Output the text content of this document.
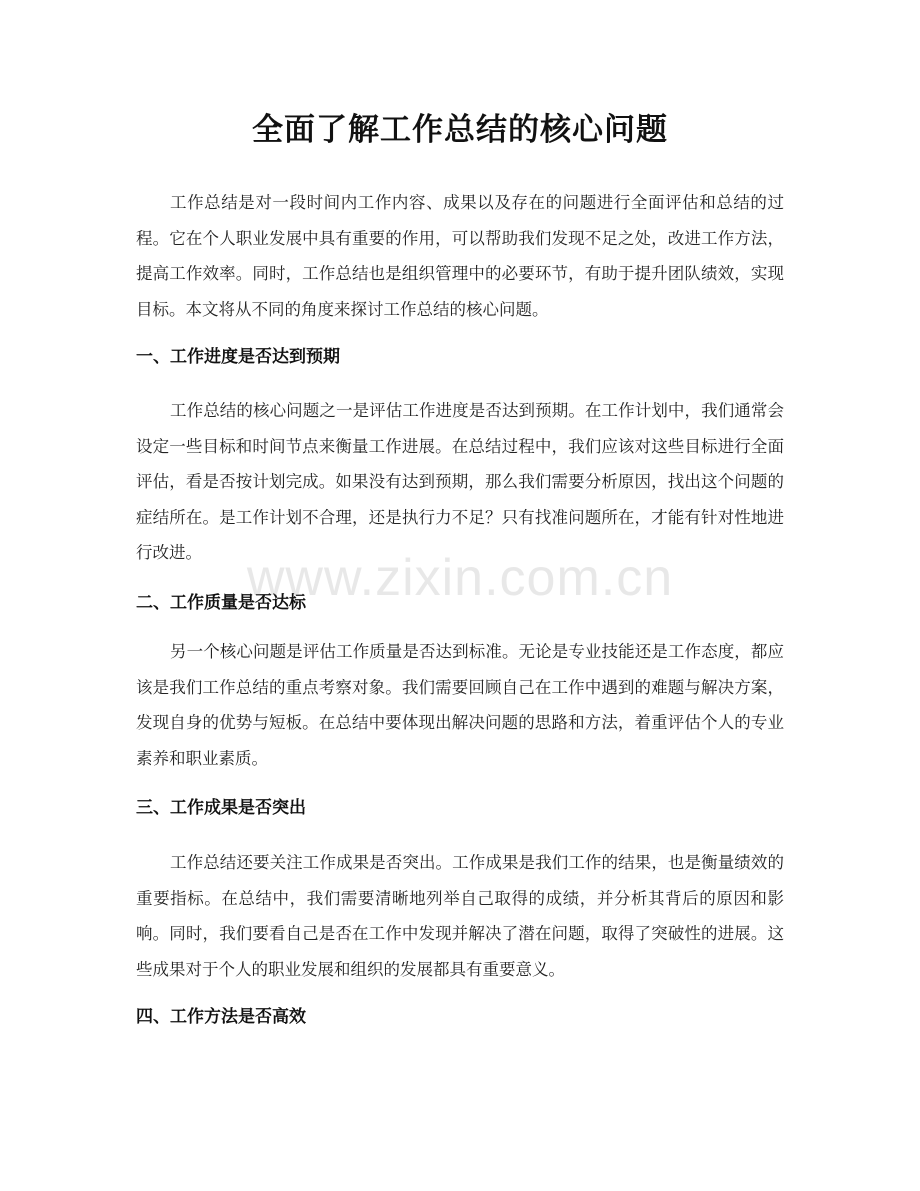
全面了解工作总结的核心问题

工作总结是对一段时间内工作内容、成果以及存在的问题进行全面评估和总结的过程。它在个人职业发展中具有重要的作用，可以帮助我们发现不足之处，改进工作方法，提高工作效率。同时，工作总结也是组织管理中的必要环节，有助于提升团队绩效，实现目标。本文将从不同的角度来探讨工作总结的核心问题。

一、工作进度是否达到预期

工作总结的核心问题之一是评估工作进度是否达到预期。在工作计划中，我们通常会设定一些目标和时间节点来衡量工作进展。在总结过程中，我们应该对这些目标进行全面评估，看是否按计划完成。如果没有达到预期，那么我们需要分析原因，找出这个问题的症结所在。是工作计划不合理，还是执行力不足？只有找准问题所在，才能有针对性地进行改进。

二、工作质量是否达标

另一个核心问题是评估工作质量是否达到标准。无论是专业技能还是工作态度，都应该是我们工作总结的重点考察对象。我们需要回顾自己在工作中遇到的难题与解决方案，发现自身的优势与短板。在总结中要体现出解决问题的思路和方法，着重评估个人的专业素养和职业素质。

三、工作成果是否突出

工作总结还要关注工作成果是否突出。工作成果是我们工作的结果，也是衡量绩效的重要指标。在总结中，我们需要清晰地列举自己取得的成绩，并分析其背后的原因和影响。同时，我们要看自己是否在工作中发现并解决了潜在问题，取得了突破性的进展。这些成果对于个人的职业发展和组织的发展都具有重要意义。

四、工作方法是否高效
www.zixin.com.cn
